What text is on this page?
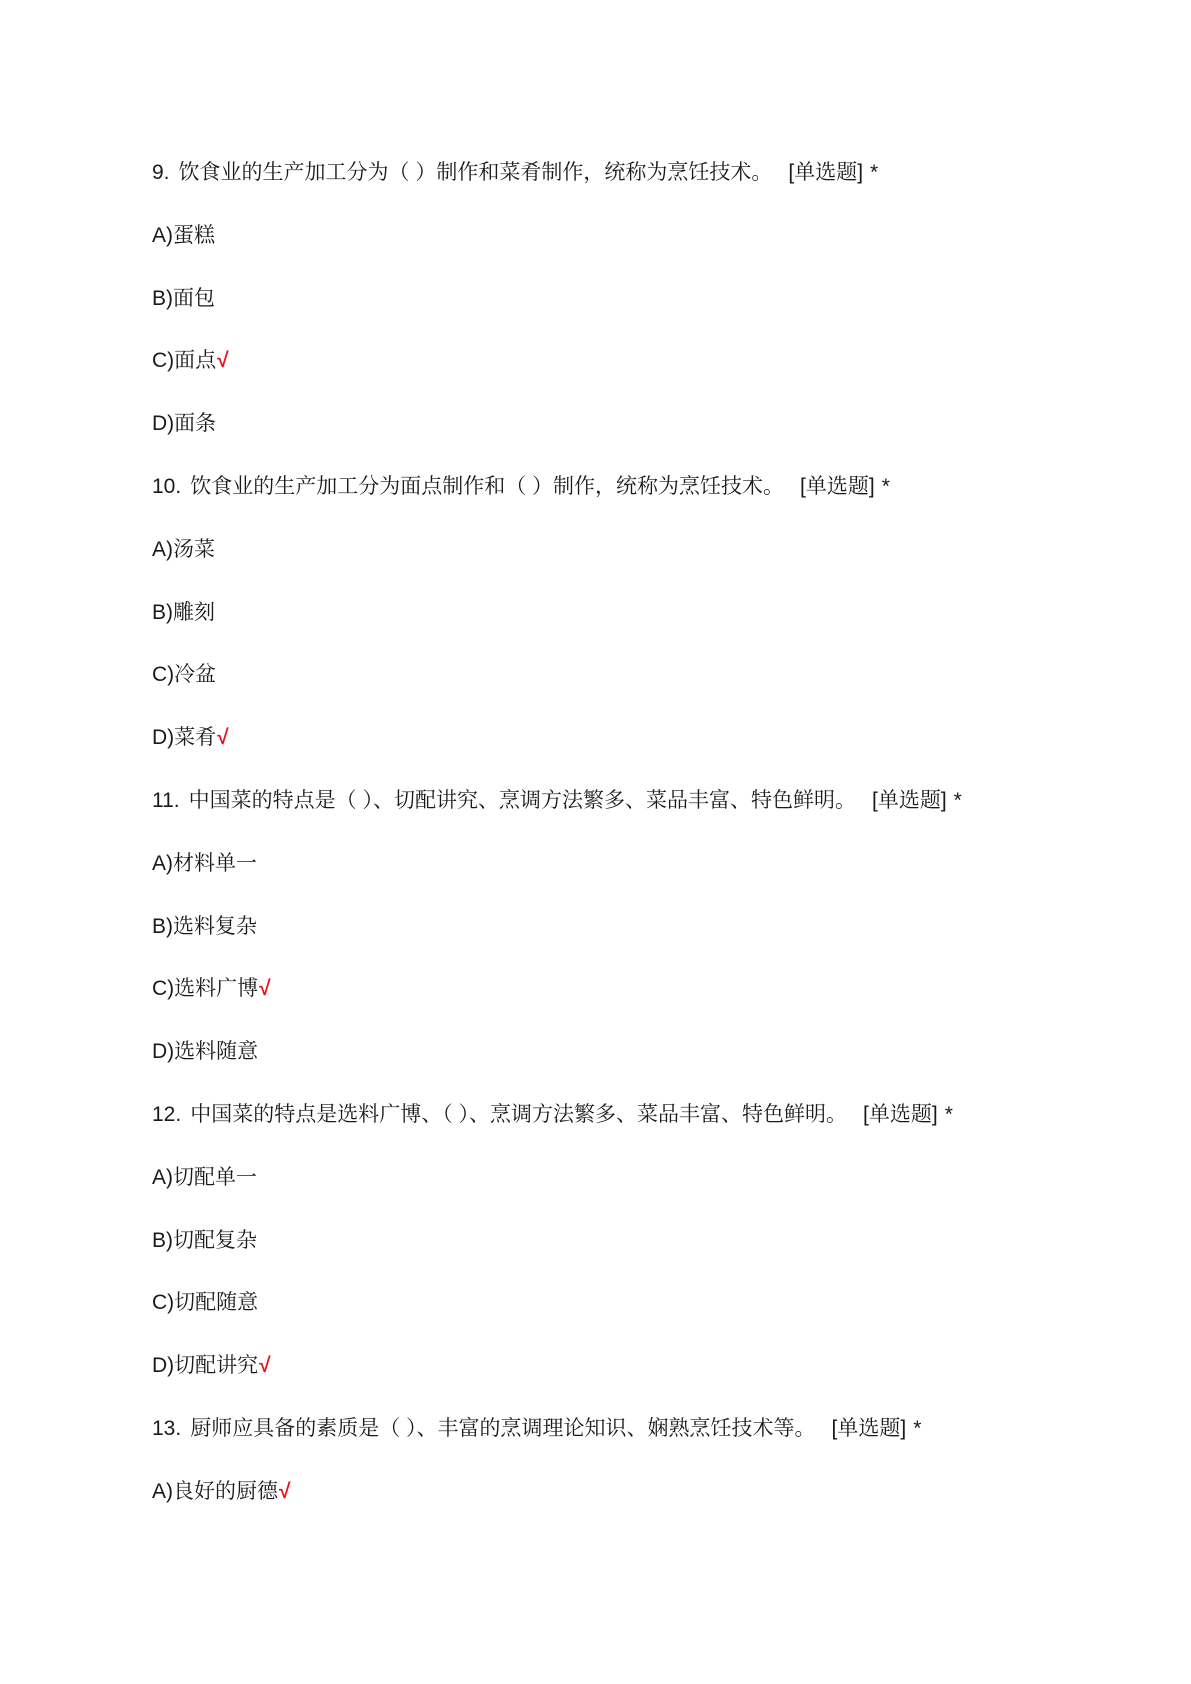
9. 饮食业的生产加工分为（ ）制作和菜肴制作，统称为烹饪技术。 [单选题] *
A)蛋糕
B)面包
C)面点√
D)面条
10. 饮食业的生产加工分为面点制作和（ ）制作，统称为烹饪技术。 [单选题] *
A)汤菜
B)雕刻
C)冷盆
D)菜肴√
11. 中国菜的特点是（ ）、切配讲究、烹调方法繁多、菜品丰富、特色鲜明。 [单选题] *
A)材料单一
B)选料复杂
C)选料广博√
D)选料随意
12. 中国菜的特点是选料广博、（ ）、烹调方法繁多、菜品丰富、特色鲜明。 [单选题] *
A)切配单一
B)切配复杂
C)切配随意
D)切配讲究√
13. 厨师应具备的素质是（ ）、丰富的烹调理论知识、娴熟烹饪技术等。 [单选题] *
A)良好的厨德√
